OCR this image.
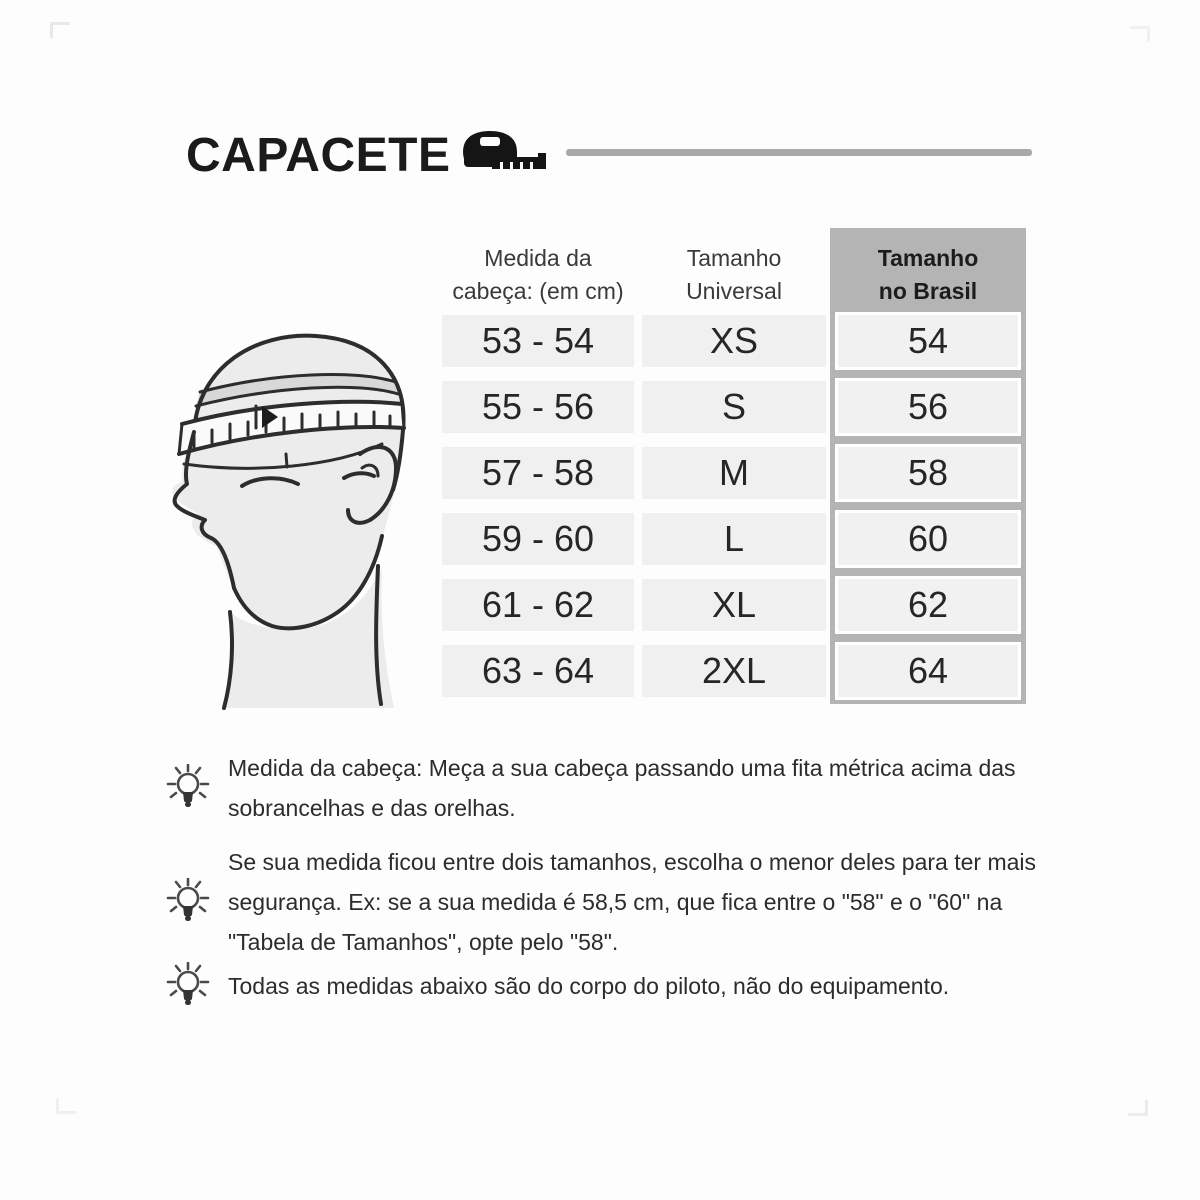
CAPACETE
Medida da
cabeça: (em cm)
53 - 54
55 - 56
57 - 58
59 - 60
61 - 62
63 - 64
Tamanho
Universal
XS
S
M
L
XL
2XL
Tamanho
no Brasil
54
56
58
60
62
64
Medida da cabeça: Meça a sua cabeça passando uma fita métrica acima das sobrancelhas e das orelhas.
Se sua medida ficou entre dois tamanhos, escolha o menor deles para ter mais segurança. Ex: se a sua medida é 58,5 cm, que fica entre o "58" e o "60" na "Tabela de Tamanhos", opte pelo "58".
Todas as medidas abaixo são do corpo do piloto, não do equipamento.
